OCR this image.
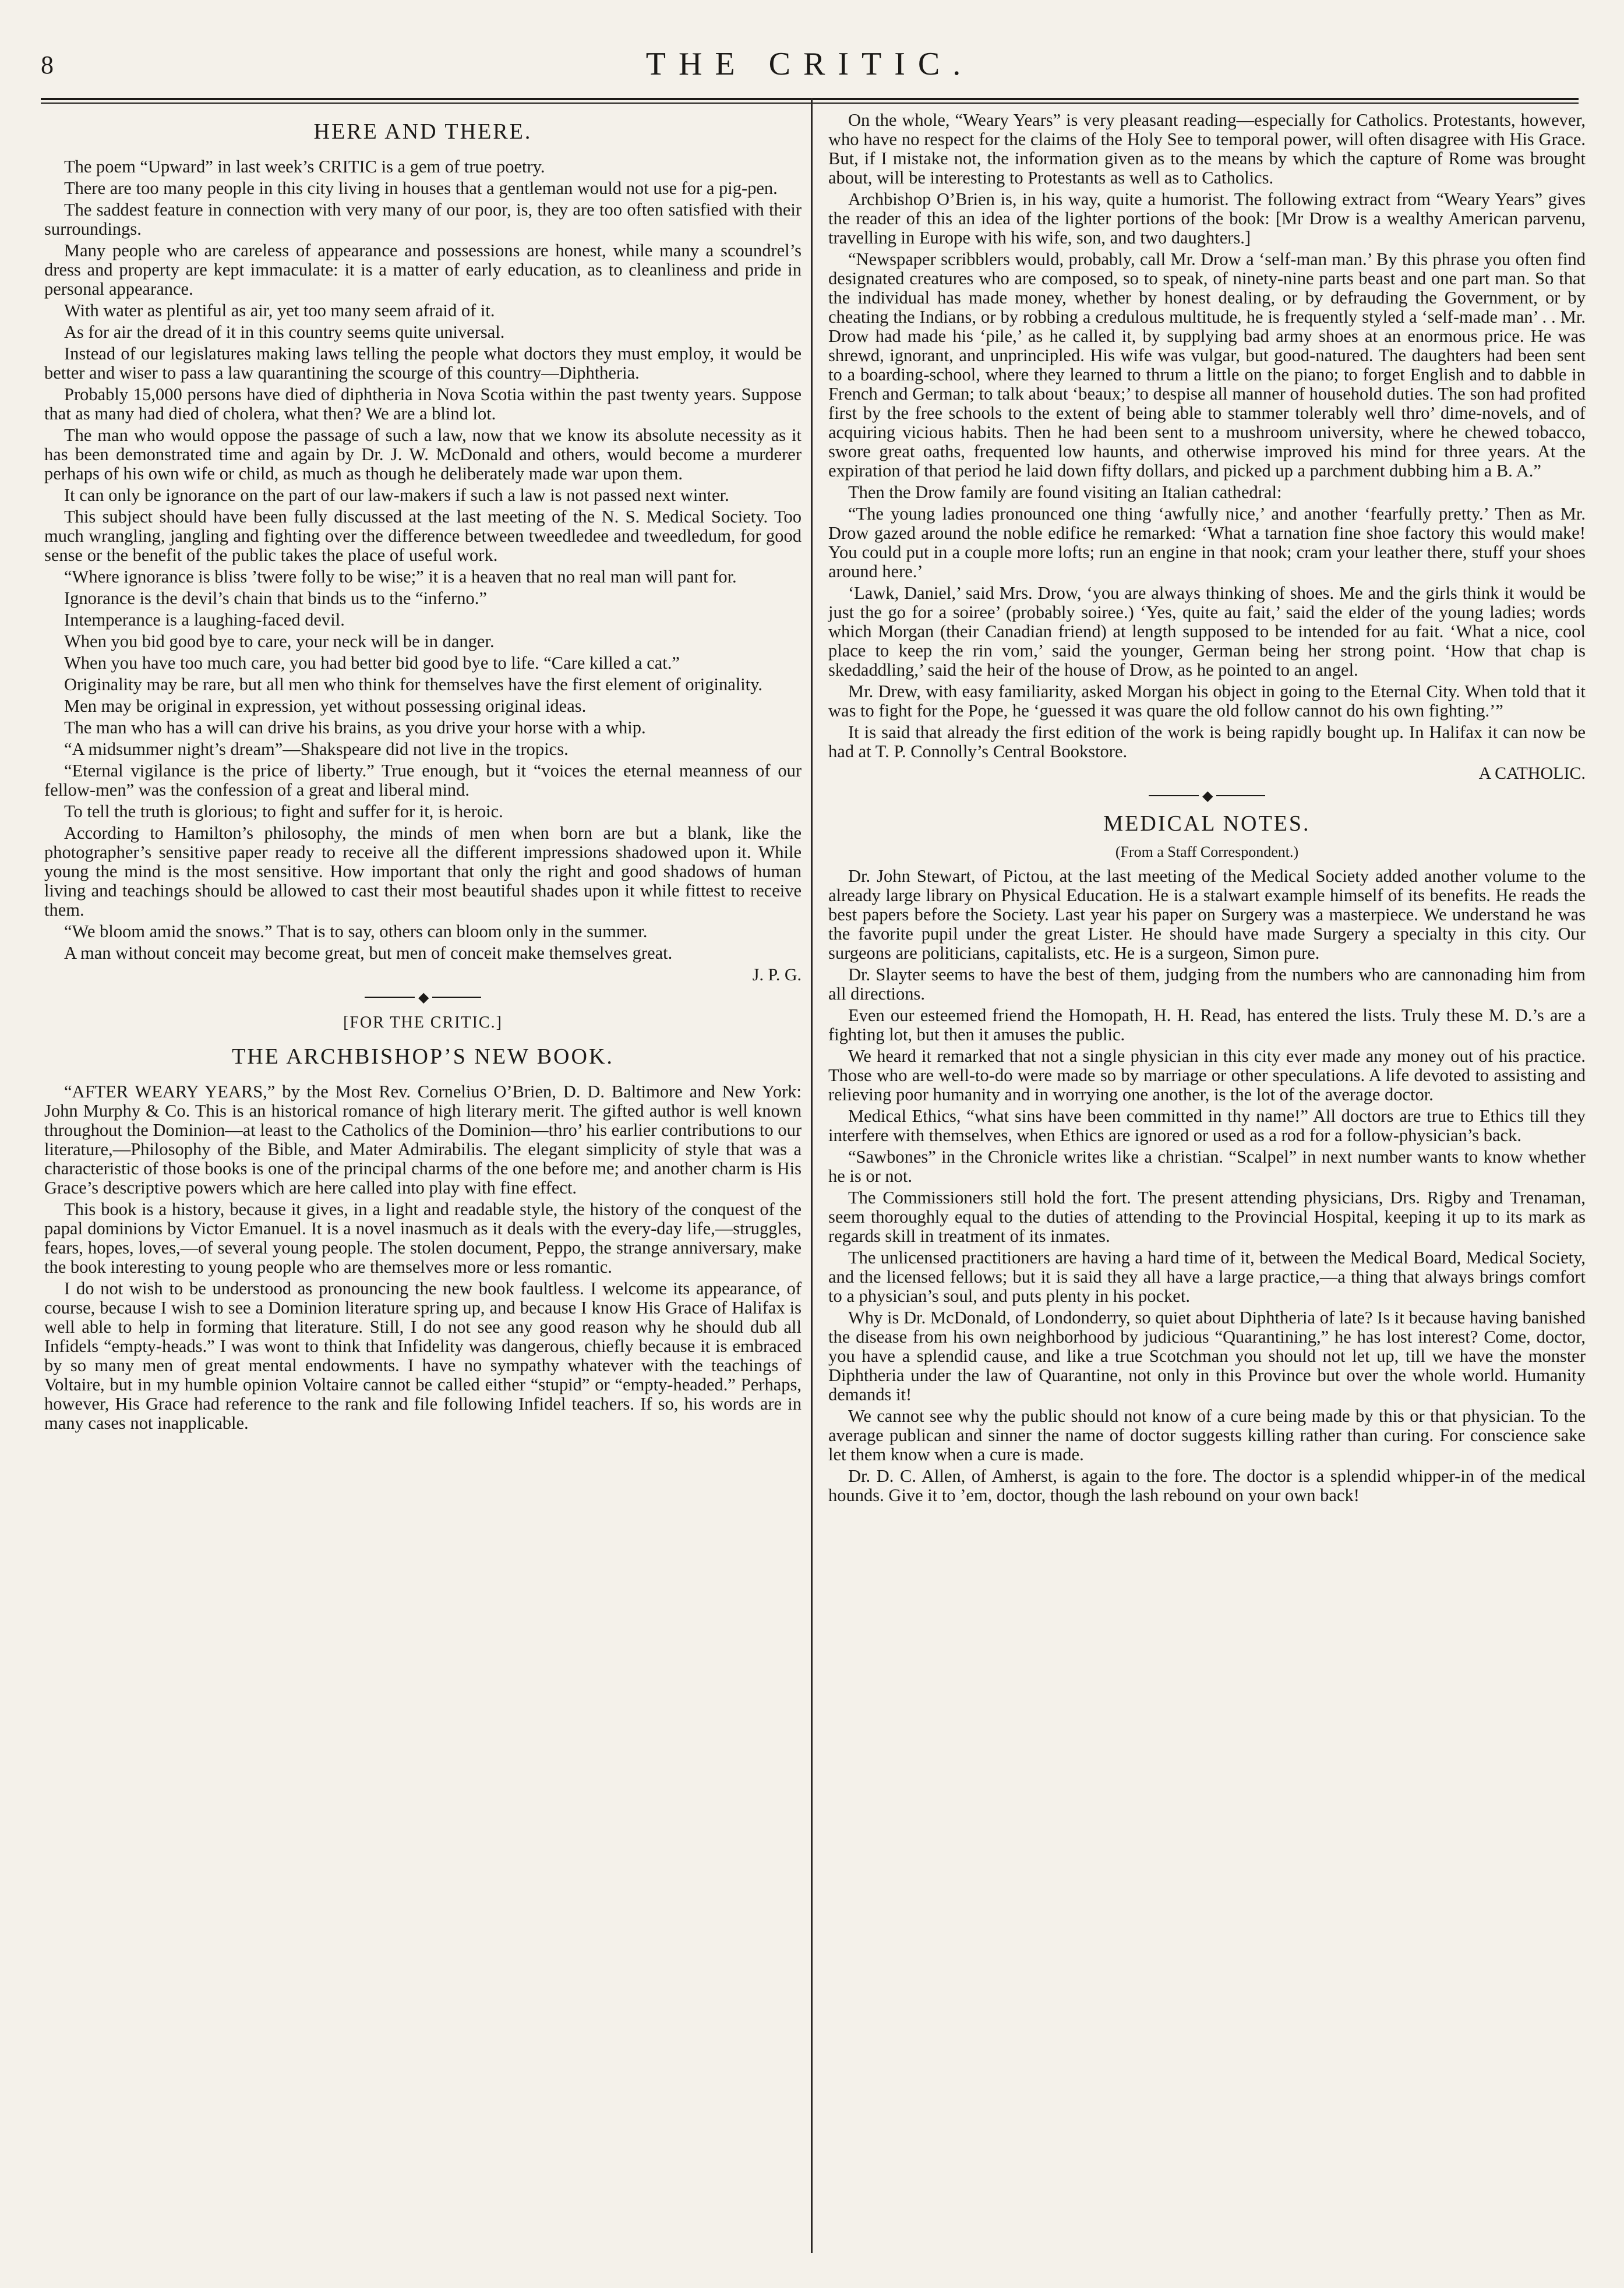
8	THE CRITIC.
HERE AND THERE.

The poem “Upward” in last week’s CRITIC is a gem of true poetry.

There are too many people in this city living in houses that a gentleman would not use for a pig-pen.

The saddest feature in connection with very many of our poor, is, they are too often satisfied with their surroundings.

Many people who are careless of appearance and possessions are honest, while many a scoundrel’s dress and property are kept immaculate: it is a matter of early education, as to cleanliness and pride in personal appearance.

With water as plentiful as air, yet too many seem afraid of it.

As for air the dread of it in this country seems quite universal.

Instead of our legislatures making laws telling the people what doctors they must employ, it would be better and wiser to pass a law quarantining the scourge of this country—Diphtheria.

Probably 15,000 persons have died of diphtheria in Nova Scotia within the past twenty years. Suppose that as many had died of cholera, what then? We are a blind lot.

The man who would oppose the passage of such a law, now that we know its absolute necessity as it has been demonstrated time and again by Dr. J. W. McDonald and others, would become a murderer perhaps of his own wife or child, as much as though he deliberately made war upon them.

It can only be ignorance on the part of our law-makers if such a law is not passed next winter.

This subject should have been fully discussed at the last meeting of the N. S. Medical Society. Too much wrangling, jangling and fighting over the difference between tweedledee and tweedledum, for good sense or the benefit of the public takes the place of useful work.

“Where ignorance is bliss ’twere folly to be wise;” it is a heaven that no real man will pant for.

Ignorance is the devil’s chain that binds us to the “inferno.”

Intemperance is a laughing-faced devil.

When you bid good bye to care, your neck will be in danger.

When you have too much care, you had better bid good bye to life. “Care killed a cat.”

Originality may be rare, but all men who think for themselves have the first element of originality.

Men may be original in expression, yet without possessing original ideas.

The man who has a will can drive his brains, as you drive your horse with a whip.

“A midsummer night’s dream”—Shakspeare did not live in the tropics.

“Eternal vigilance is the price of liberty.” True enough, but it “voices the eternal meanness of our fellow-men” was the confession of a great and liberal mind.

To tell the truth is glorious; to fight and suffer for it, is heroic.

According to Hamilton’s philosophy, the minds of men when born are but a blank, like the photographer’s sensitive paper ready to receive all the different impressions shadowed upon it. While young the mind is the most sensitive. How important that only the right and good shadows of human living and teachings should be allowed to cast their most beautiful shades upon it while fittest to receive them.

“We bloom amid the snows.” That is to say, others can bloom only in the summer.

A man without conceit may become great, but men of conceit make themselves great.

J. P. G.
◆
[FOR THE CRITIC.]
THE ARCHBISHOP’S NEW BOOK.

“AFTER WEARY YEARS,” by the Most Rev. Cornelius O’Brien, D. D. Baltimore and New York: John Murphy & Co. This is an historical romance of high literary merit. The gifted author is well known throughout the Dominion—at least to the Catholics of the Dominion—thro’ his earlier contributions to our literature,—Philosophy of the Bible, and Mater Admirabilis. The elegant simplicity of style that was a characteristic of those books is one of the principal charms of the one before me; and another charm is His Grace’s descriptive powers which are here called into play with fine effect.

This book is a history, because it gives, in a light and readable style, the history of the conquest of the papal dominions by Victor Emanuel. It is a novel inasmuch as it deals with the every-day life,—struggles, fears, hopes, loves,—of several young people. The stolen document, Peppo, the strange anniversary, make the book interesting to young people who are themselves more or less romantic.

I do not wish to be understood as pronouncing the new book faultless. I welcome its appearance, of course, because I wish to see a Dominion literature spring up, and because I know His Grace of Halifax is well able to help in forming that literature. Still, I do not see any good reason why he should dub all Infidels “empty-heads.” I was wont to think that Infidelity was dangerous, chiefly because it is embraced by so many men of great mental endowments. I have no sympathy whatever with the teachings of Voltaire, but in my humble opinion Voltaire cannot be called either “stupid” or “empty-headed.” Perhaps, however, His Grace had reference to the rank and file following Infidel teachers. If so, his words are in many cases not inapplicable.

On the whole, “Weary Years” is very pleasant reading—especially for Catholics. Protestants, however, who have no respect for the claims of the Holy See to temporal power, will often disagree with His Grace. But, if I mistake not, the information given as to the means by which the capture of Rome was brought about, will be interesting to Protestants as well as to Catholics.

Archbishop O’Brien is, in his way, quite a humorist. The following extract from “Weary Years” gives the reader of this an idea of the lighter portions of the book: [Mr Drow is a wealthy American parvenu, travelling in Europe with his wife, son, and two daughters.]

“Newspaper scribblers would, probably, call Mr. Drow a ‘self-man man.’ By this phrase you often find designated creatures who are composed, so to speak, of ninety-nine parts beast and one part man. So that the individual has made money, whether by honest dealing, or by defrauding the Government, or by cheating the Indians, or by robbing a credulous multitude, he is frequently styled a ‘self-made man’ . . Mr. Drow had made his ‘pile,’ as he called it, by supplying bad army shoes at an enormous price. He was shrewd, ignorant, and unprincipled. His wife was vulgar, but good-natured. The daughters had been sent to a boarding-school, where they learned to thrum a little on the piano; to forget English and to dabble in French and German; to talk about ‘beaux;’ to despise all manner of household duties. The son had profited first by the free schools to the extent of being able to stammer tolerably well thro’ dime-novels, and of acquiring vicious habits. Then he had been sent to a mushroom university, where he chewed tobacco, swore great oaths, frequented low haunts, and otherwise improved his mind for three years. At the expiration of that period he laid down fifty dollars, and picked up a parchment dubbing him a B. A.”

Then the Drow family are found visiting an Italian cathedral:

“The young ladies pronounced one thing ‘awfully nice,’ and another ‘fearfully pretty.’ Then as Mr. Drow gazed around the noble edifice he remarked: ‘What a tarnation fine shoe factory this would make! You could put in a couple more lofts; run an engine in that nook; cram your leather there, stuff your shoes around here.’

‘Lawk, Daniel,’ said Mrs. Drow, ‘you are always thinking of shoes. Me and the girls think it would be just the go for a soiree’ (probably soiree.) ‘Yes, quite au fait,’ said the elder of the young ladies; words which Morgan (their Canadian friend) at length supposed to be intended for au fait. ‘What a nice, cool place to keep the rin vom,’ said the younger, German being her strong point. ‘How that chap is skedaddling,’ said the heir of the house of Drow, as he pointed to an angel.

Mr. Drew, with easy familiarity, asked Morgan his object in going to the Eternal City. When told that it was to fight for the Pope, he ‘guessed it was quare the old follow cannot do his own fighting.’”

It is said that already the first edition of the work is being rapidly bought up. In Halifax it can now be had at T. P. Connolly’s Central Bookstore.

A CATHOLIC.
◆
MEDICAL NOTES.
(From a Staff Correspondent.)

Dr. John Stewart, of Pictou, at the last meeting of the Medical Society added another volume to the already large library on Physical Education. He is a stalwart example himself of its benefits. He reads the best papers before the Society. Last year his paper on Surgery was a masterpiece. We understand he was the favorite pupil under the great Lister. He should have made Surgery a specialty in this city. Our surgeons are politicians, capitalists, etc. He is a surgeon, Simon pure.

Dr. Slayter seems to have the best of them, judging from the numbers who are cannonading him from all directions.

Even our esteemed friend the Homopath, H. H. Read, has entered the lists. Truly these M. D.’s are a fighting lot, but then it amuses the public.

We heard it remarked that not a single physician in this city ever made any money out of his practice. Those who are well-to-do were made so by marriage or other speculations. A life devoted to assisting and relieving poor humanity and in worrying one another, is the lot of the average doctor.

Medical Ethics, “what sins have been committed in thy name!” All doctors are true to Ethics till they interfere with themselves, when Ethics are ignored or used as a rod for a follow-physician’s back.

“Sawbones” in the Chronicle writes like a christian. “Scalpel” in next number wants to know whether he is or not.

The Commissioners still hold the fort. The present attending physicians, Drs. Rigby and Trenaman, seem thoroughly equal to the duties of attending to the Provincial Hospital, keeping it up to its mark as regards skill in treatment of its inmates.

The unlicensed practitioners are having a hard time of it, between the Medical Board, Medical Society, and the licensed fellows; but it is said they all have a large practice,—a thing that always brings comfort to a physician’s soul, and puts plenty in his pocket.

Why is Dr. McDonald, of Londonderry, so quiet about Diphtheria of late? Is it because having banished the disease from his own neighborhood by judicious “Quarantining,” he has lost interest? Come, doctor, you have a splendid cause, and like a true Scotchman you should not let up, till we have the monster Diphtheria under the law of Quarantine, not only in this Province but over the whole world. Humanity demands it!

We cannot see why the public should not know of a cure being made by this or that physician. To the average publican and sinner the name of doctor suggests killing rather than curing. For conscience sake let them know when a cure is made.

Dr. D. C. Allen, of Amherst, is again to the fore. The doctor is a splendid whipper-in of the medical hounds. Give it to ’em, doctor, though the lash rebound on your own back!
